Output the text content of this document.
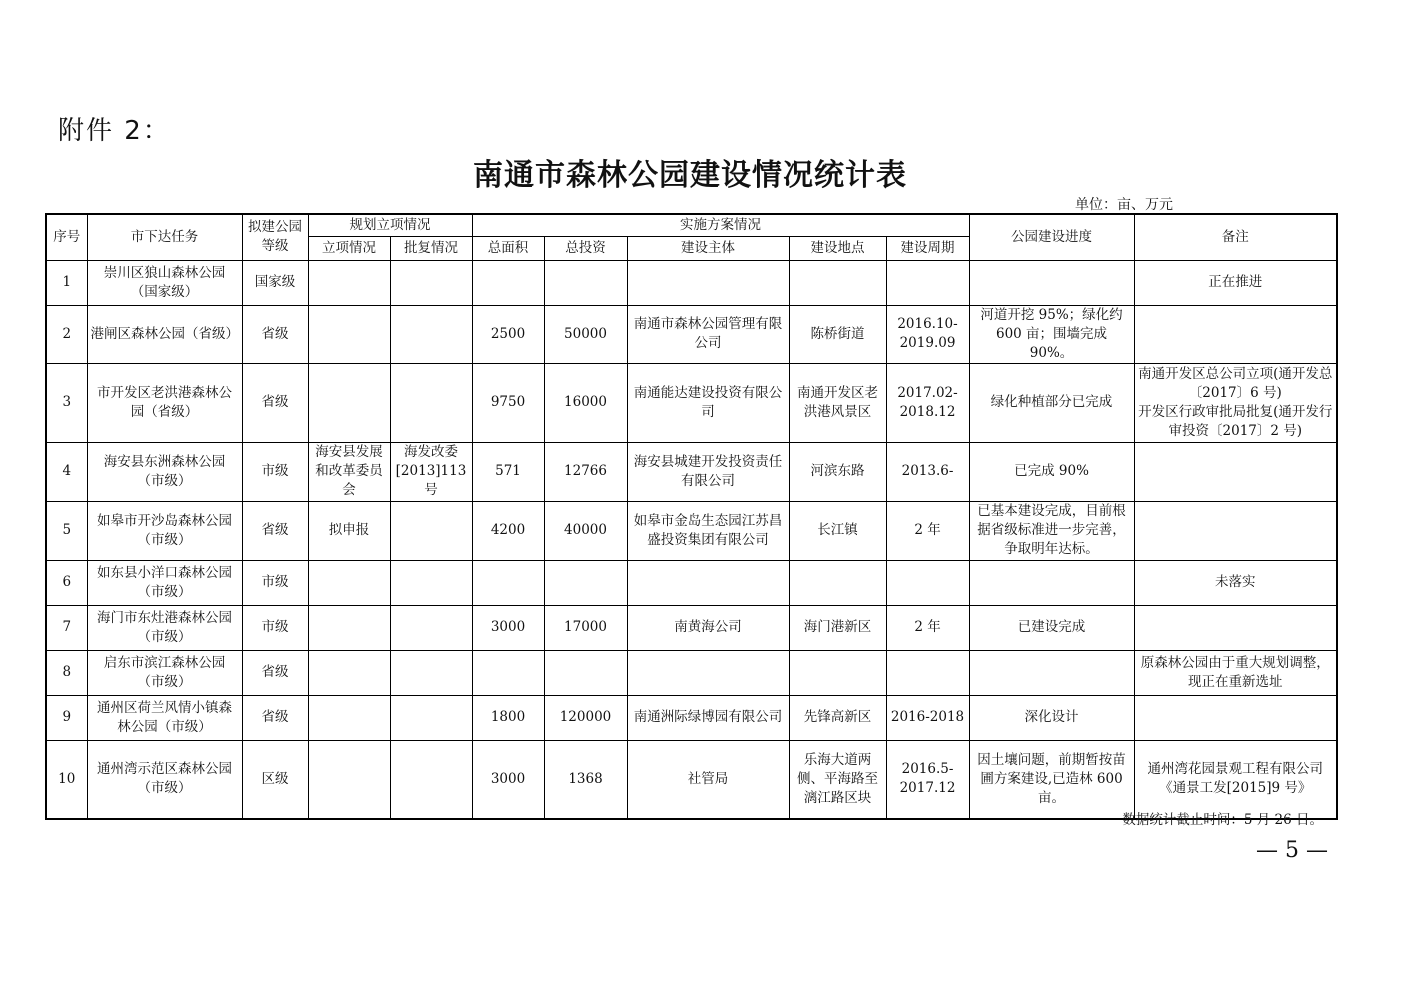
附件 2：
南通市森林公园建设情况统计表
单位：亩、万元
序号	市下达任务	拟建公园等级	规划立项情况		实施方案情况					公园建设进度	备注
			立项情况	批复情况	总面积	总投资	建设主体	建设地点	建设周期		
1	崇川区狼山森林公园（国家级）	国家级									正在推进
2	港闸区森林公园（省级）	省级			2500	50000	南通市森林公园管理有限公司	陈桥街道	2016.10-2019.09	河道开挖 95%；绿化约 600 亩；围墙完成 90%。	
3	市开发区老洪港森林公园（省级）	省级			9750	16000	南通能达建设投资有限公司	南通开发区老洪港风景区	2017.02-2018.12	绿化种植部分已完成	南通开发区总公司立项(通开发总〔2017〕6 号)
开发区行政审批局批复(通开发行审投资〔2017〕2 号)
4	海安县东洲森林公园（市级）	市级	海安县发展和改革委员会	海发改委[2013]113号	571	12766	海安县城建开发投资责任有限公司	河滨东路	2013.6-	已完成 90%	
5	如皋市开沙岛森林公园（市级）	省级	拟申报		4200	40000	如皋市金岛生态园江苏昌盛投资集团有限公司	长江镇	2 年	已基本建设完成，目前根据省级标准进一步完善，争取明年达标。	
6	如东县小洋口森林公园（市级）	市级									未落实
7	海门市东灶港森林公园（市级）	市级			3000	17000	南黄海公司	海门港新区	2 年	已建设完成	
8	启东市滨江森林公园（市级）	省级									原森林公园由于重大规划调整，现正在重新选址
9	通州区荷兰风情小镇森林公园（市级）	省级			1800	120000	南通洲际绿博园有限公司	先锋高新区	2016-2018	深化设计	
10	通州湾示范区森林公园（市级）	区级			3000	1368	社管局	乐海大道两侧、平海路至漓江路区块	2016.5-2017.12	因土壤问题，前期暂按苗圃方案建设,已造林 600 亩。	通州湾花园景观工程有限公司《通景工发[2015]9 号》
数据统计截止时间：5 月 26 日。
— 5 —
